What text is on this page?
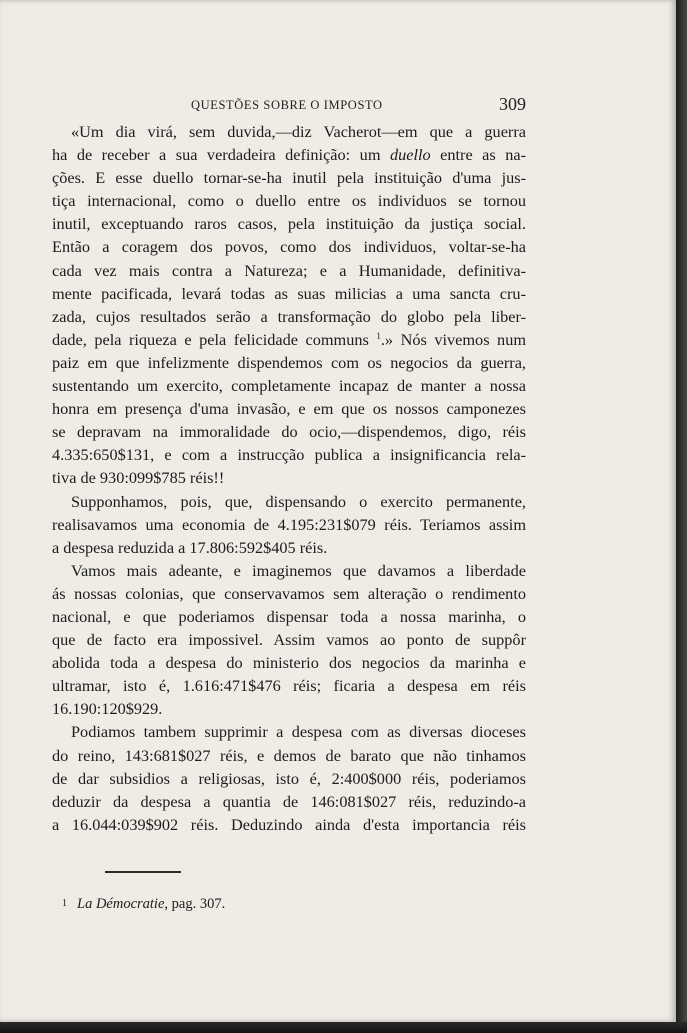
QUESTÕES SOBRE O IMPOSTO	309
«Um dia virá, sem duvida,—diz Vacherot—em que a guerra
ha de receber a sua verdadeira definição: um duello entre as na-
ções. E esse duello tornar-se-ha inutil pela instituição d'uma jus-
tiça internacional, como o duello entre os individuos se tornou
inutil, exceptuando raros casos, pela instituição da justiça social.
Então a coragem dos povos, como dos individuos, voltar-se-ha
cada vez mais contra a Natureza; e a Humanidade, definitiva-
mente pacificada, levará todas as suas milicias a uma sancta cru-
zada, cujos resultados serão a transformação do globo pela liber-
dade, pela riqueza e pela felicidade communs $^1$.» Nós vivemos num
paiz em que infelizmente dispendemos com os negocios da guerra,
sustentando um exercito, completamente incapaz de manter a nossa
honra em presença d'uma invasão, e em que os nossos camponezes
se depravam na immoralidade do ocio,—dispendemos, digo, réis
4.335:650$131, e com a instrucção publica a insignificancia rela-
tiva de 930:099$785 réis!!
Supponhamos, pois, que, dispensando o exercito permanente,
realisavamos uma economia de 4.195:231$079 réis. Teriamos assim
a despesa reduzida a 17.806:592$405 réis.
Vamos mais adeante, e imaginemos que davamos a liberdade
ás nossas colonias, que conservavamos sem alteração o rendimento
nacional, e que poderiamos dispensar toda a nossa marinha, o
que de facto era impossivel. Assim vamos ao ponto de suppôr
abolida toda a despesa do ministerio dos negocios da marinha e
ultramar, isto é, 1.616:471$476 réis; ficaria a despesa em réis
16.190:120$929.
Podiamos tambem supprimir a despesa com as diversas dioceses
do reino, 143:681$027 réis, e demos de barato que não tinhamos
de dar subsidios a religiosas, isto é, 2:400$000 réis, poderiamos
deduzir da despesa a quantia de 146:081$027 réis, reduzindo-a
a 16.044:039$902 réis. Deduzindo ainda d'esta importancia réis
1 La Démocratie, pag. 307.
